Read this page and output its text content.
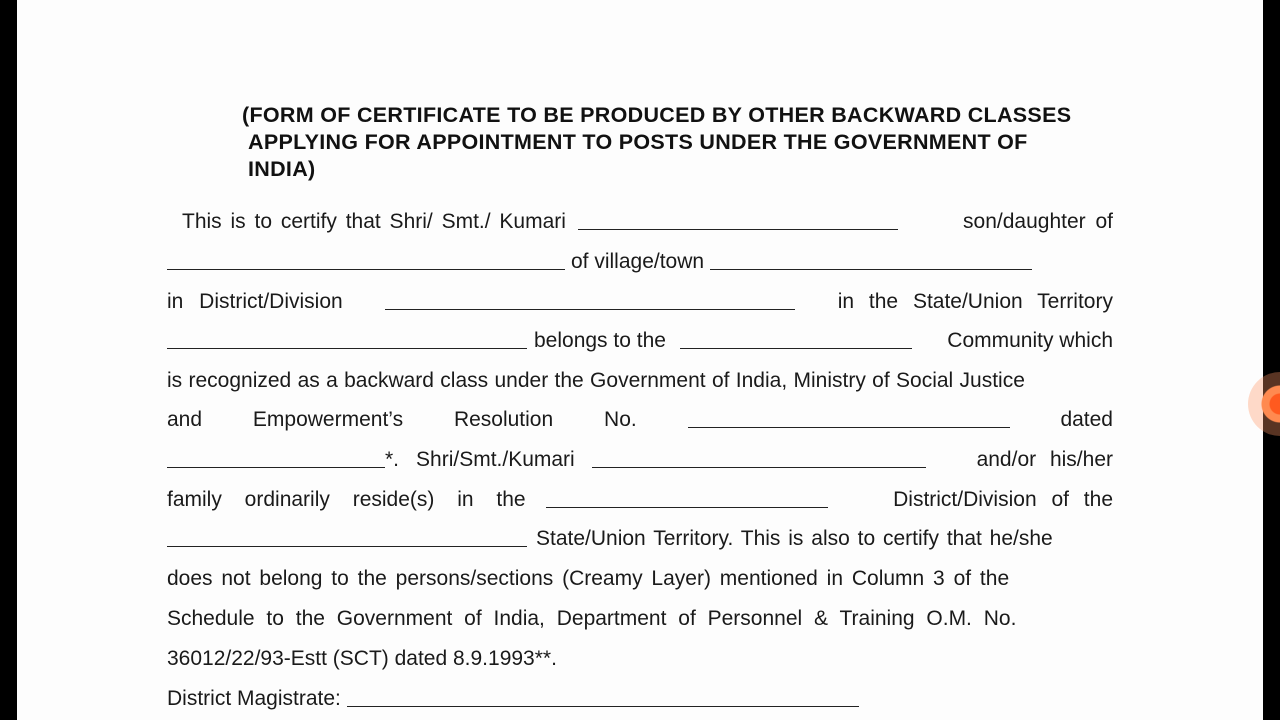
(FORM OF CERTIFICATE TO BE PRODUCED BY OTHER BACKWARD CLASSES
APPLYING FOR APPOINTMENT TO POSTS UNDER THE GOVERNMENT OF
INDIA)
This is to certify that Shri/ Smt./ Kumari	son/daughter of
of village/town
in District/Division	in the State/Union Territory
belongs to the	Community which
is recognized as a backward class under the Government of India, Ministry of Social Justice
and Empowerment’s Resolution No.	dated
*. Shri/Smt./Kumari	and/or his/her
family ordinarily reside(s) in the	District/Division of the
State/Union Territory. This is also to certify that he/she
does not belong to the persons/sections (Creamy Layer) mentioned in Column 3 of the
Schedule to the Government of India, Department of Personnel & Training O.M. No.
36012/22/93-Estt (SCT) dated 8.9.1993**.
District Magistrate:
